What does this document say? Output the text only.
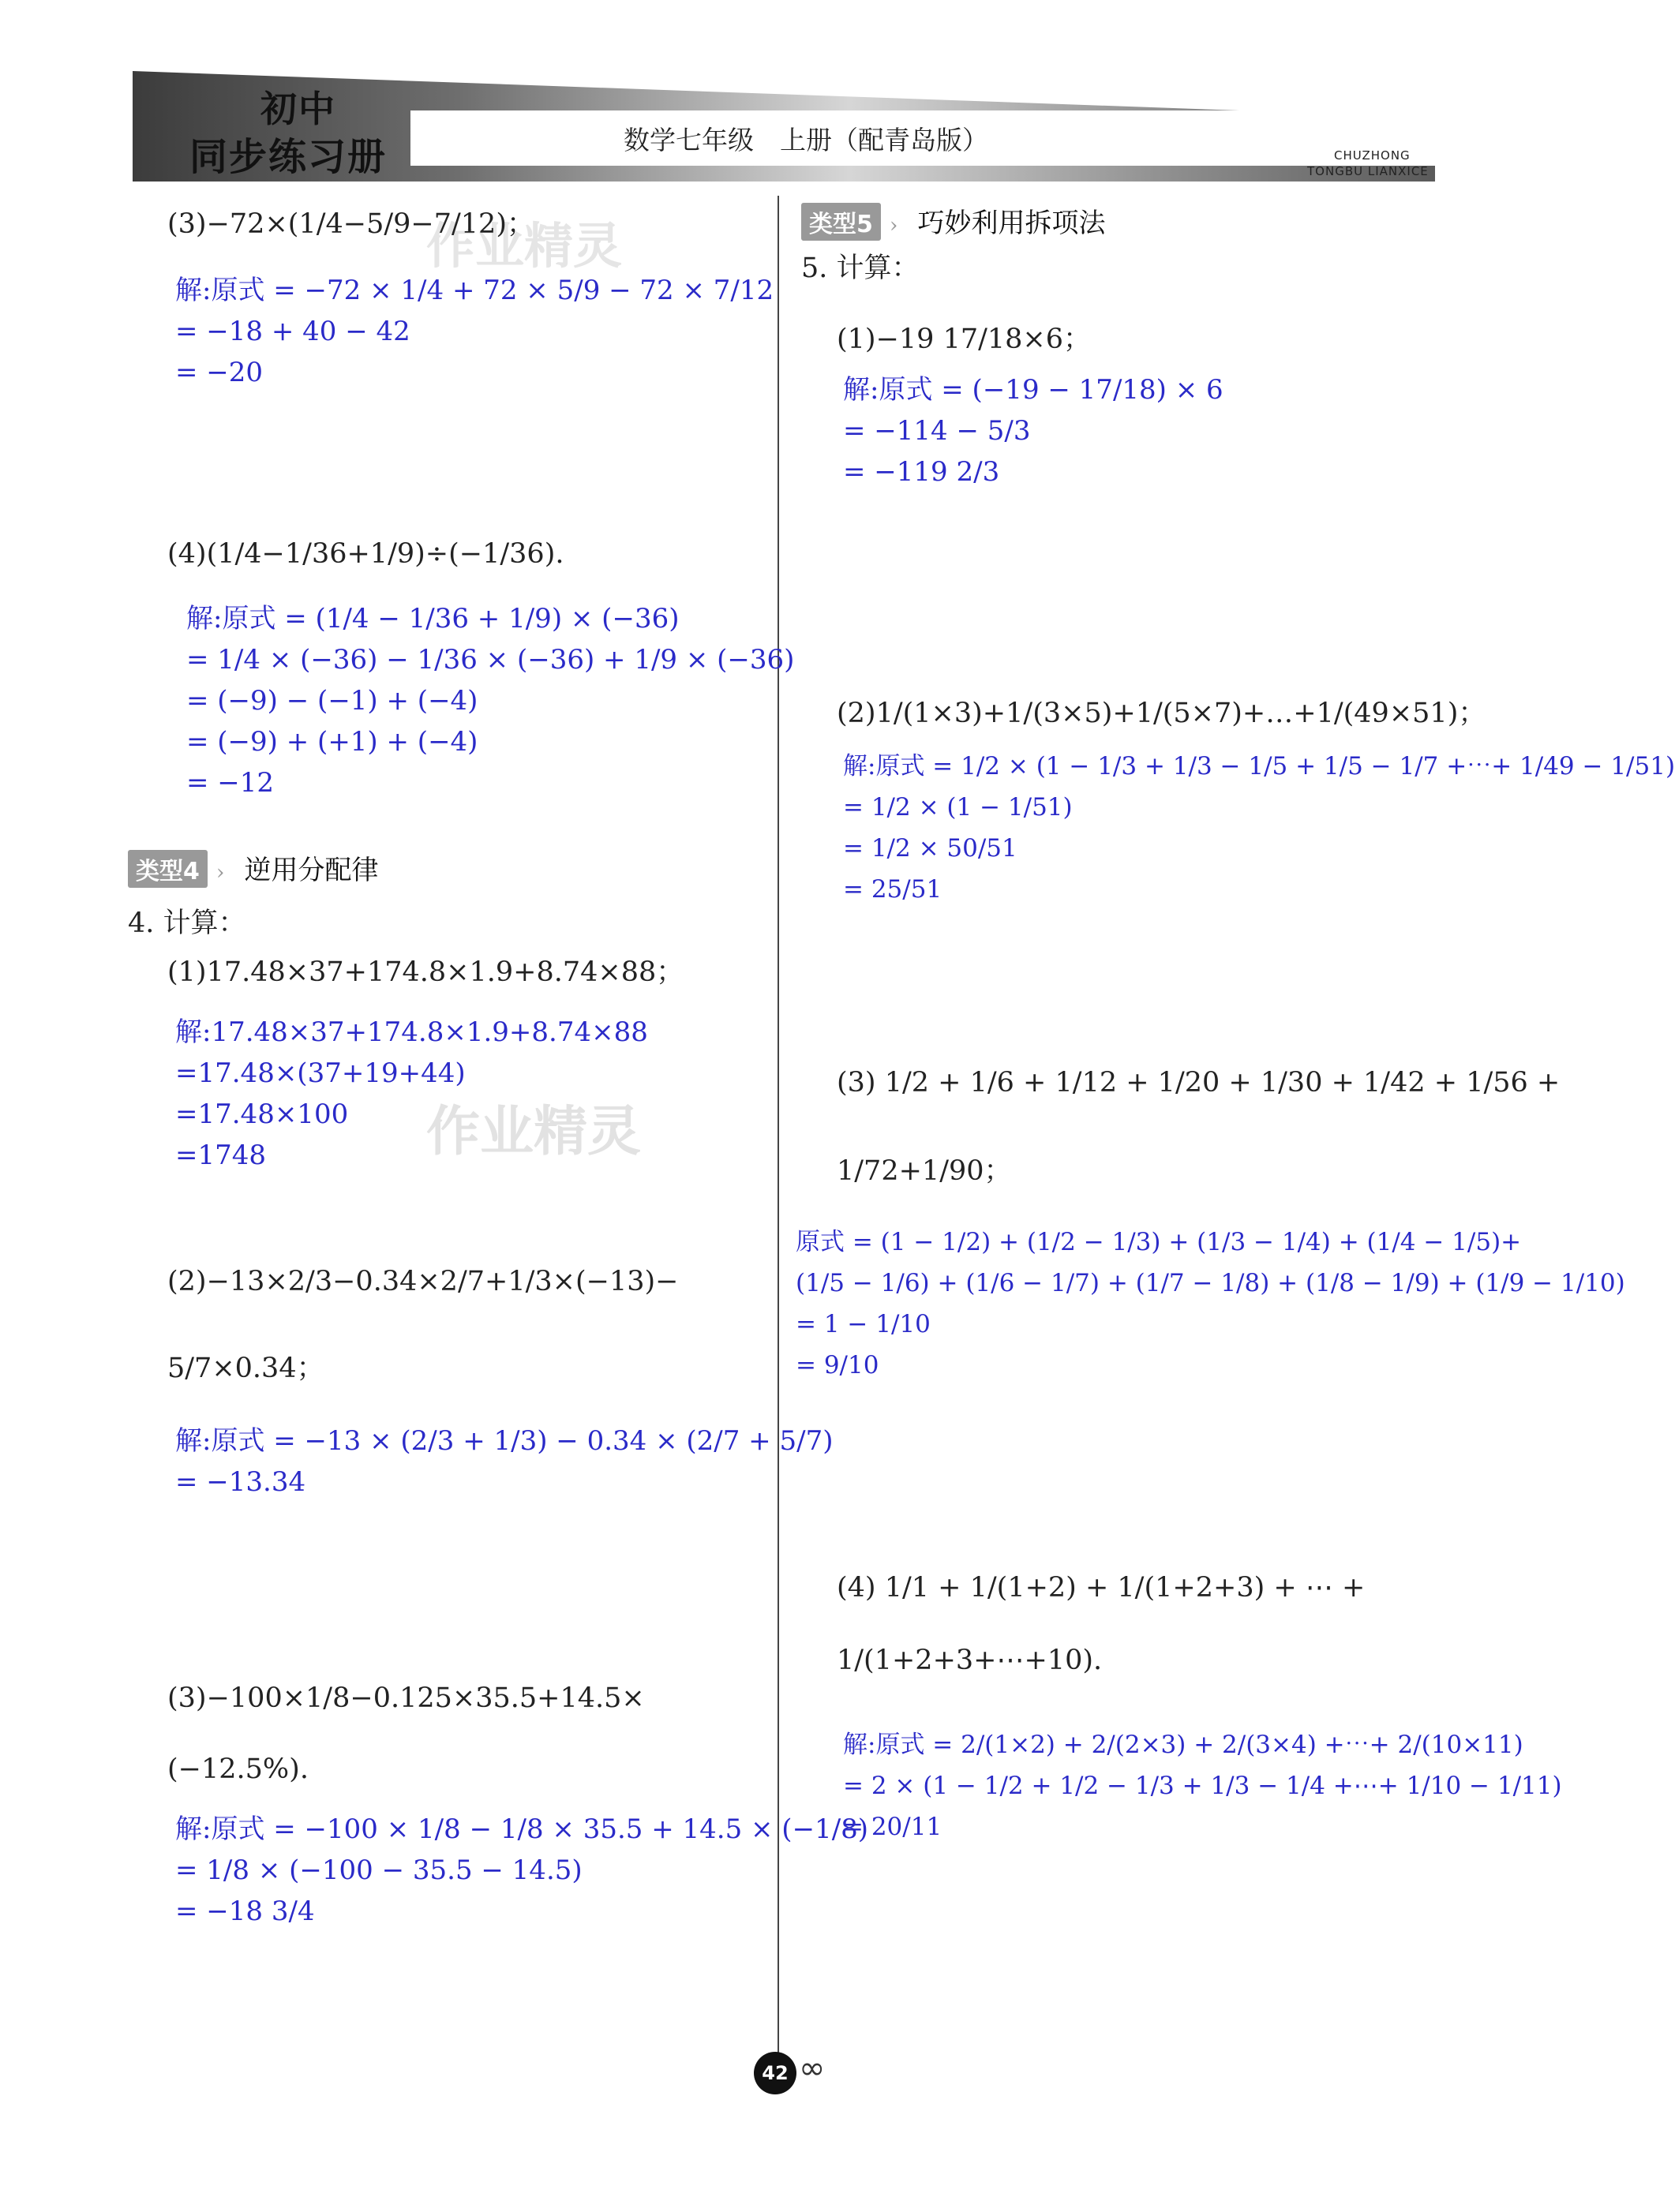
初中
同步练习册	数学七年级　上册（配青岛版）	CHUZHONG
TONGBU LIANXICE
作业精灵
作业精灵
(3)−72×(1/4−5/9−7/12)；
解:原式 = −72 × 1/4 + 72 × 5/9 − 72 × 7/12
= −18 + 40 − 42
= −20
(4)(1/4−1/36+1/9)÷(−1/36).
解:原式 = (1/4 − 1/36 + 1/9) × (−36)
= 1/4 × (−36) − 1/36 × (−36) + 1/9 × (−36)
= (−9) − (−1) + (−4)
= (−9) + (+1) + (−4)
= −12
类型4 › 逆用分配律
4. 计算：
(1)17.48×37+174.8×1.9+8.74×88；
解:17.48×37+174.8×1.9+8.74×88
=17.48×(37+19+44)
=17.48×100
=1748
(2)−13×2/3−0.34×2/7+1/3×(−13)−
5/7×0.34；
解:原式 = −13 × (2/3 + 1/3) − 0.34 × (2/7 + 5/7)
= −13.34
(3)−100×1/8−0.125×35.5+14.5×
(−12.5%).
解:原式 = −100 × 1/8 − 1/8 × 35.5 + 14.5 × (−1/8)
= 1/8 × (−100 − 35.5 − 14.5)
= −18 3/4
类型5 › 巧妙利用拆项法
5. 计算：
(1)−19 17/18×6；
解:原式 = (−19 − 17/18) × 6
= −114 − 5/3
= −119 2/3
(2)1/(1×3)+1/(3×5)+1/(5×7)+…+1/(49×51)；
解:原式 = 1/2 × (1 − 1/3 + 1/3 − 1/5 + 1/5 − 1/7 +⋯+ 1/49 − 1/51)
= 1/2 × (1 − 1/51)
= 1/2 × 50/51
= 25/51
(3) 1/2 + 1/6 + 1/12 + 1/20 + 1/30 + 1/42 + 1/56 +
1/72+1/90；
原式 = (1 − 1/2) + (1/2 − 1/3) + (1/3 − 1/4) + (1/4 − 1/5)+
(1/5 − 1/6) + (1/6 − 1/7) + (1/7 − 1/8) + (1/8 − 1/9) + (1/9 − 1/10)
= 1 − 1/10
= 9/10
(4) 1/1 + 1/(1+2) + 1/(1+2+3) + ⋯ +
1/(1+2+3+⋯+10).
解:原式 = 2/(1×2) + 2/(2×3) + 2/(3×4) +⋯+ 2/(10×11)
= 2 × (1 − 1/2 + 1/2 − 1/3 + 1/3 − 1/4 +⋯+ 1/10 − 1/11)
= 20/11
42 ∞
